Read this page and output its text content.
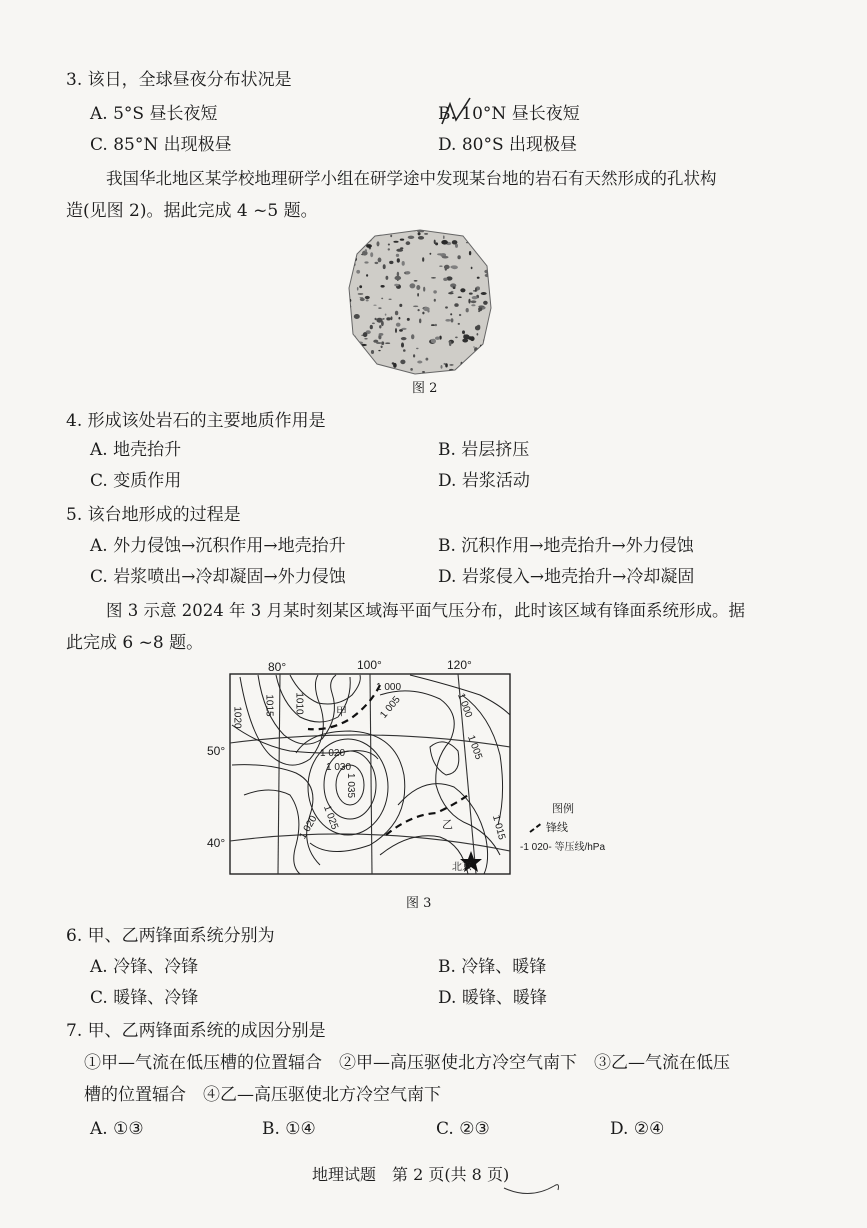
3. 该日，全球昼夜分布状况是
A. 5°S 昼长夜短	B. 10°N 昼长夜短
C. 85°N 出现极昼	D. 80°S 出现极昼
我国华北地区某学校地理研学小组在研学途中发现某台地的岩石有天然形成的孔状构
造(见图 2)。据此完成 4 ~5 题。
图 2
4. 形成该处岩石的主要地质作用是
A. 地壳抬升	B. 岩层挤压
C. 变质作用	D. 岩浆活动
5. 该台地形成的过程是
A. 外力侵蚀→沉积作用→地壳抬升	B. 沉积作用→地壳抬升→外力侵蚀
C. 岩浆喷出→冷却凝固→外力侵蚀	D. 岩浆侵入→地壳抬升→冷却凝固
图 3 示意 2024 年 3 月某时刻某区域海平面气压分布，此时该区域有锋面系统形成。据
此完成 6 ~8 题。
80°	100°	120°
50°
40°
1 000
1 005
1010
1015
1020
1 020
1 030
1 035
1 025
1 020
1 005
1 000
1 015
甲
乙
北京
图例
锋线
-1 020- 等压线/hPa
图 3
6. 甲、乙两锋面系统分别为
A. 冷锋、冷锋	B. 冷锋、暖锋
C. 暖锋、冷锋	D. 暖锋、暖锋
7. 甲、乙两锋面系统的成因分别是
①甲—气流在低压槽的位置辐合　②甲—高压驱使北方冷空气南下　③乙—气流在低压
槽的位置辐合　④乙—高压驱使北方冷空气南下
A. ①③	B. ①④	C. ②③	D. ②④
地理试题　第 2 页(共 8 页)
